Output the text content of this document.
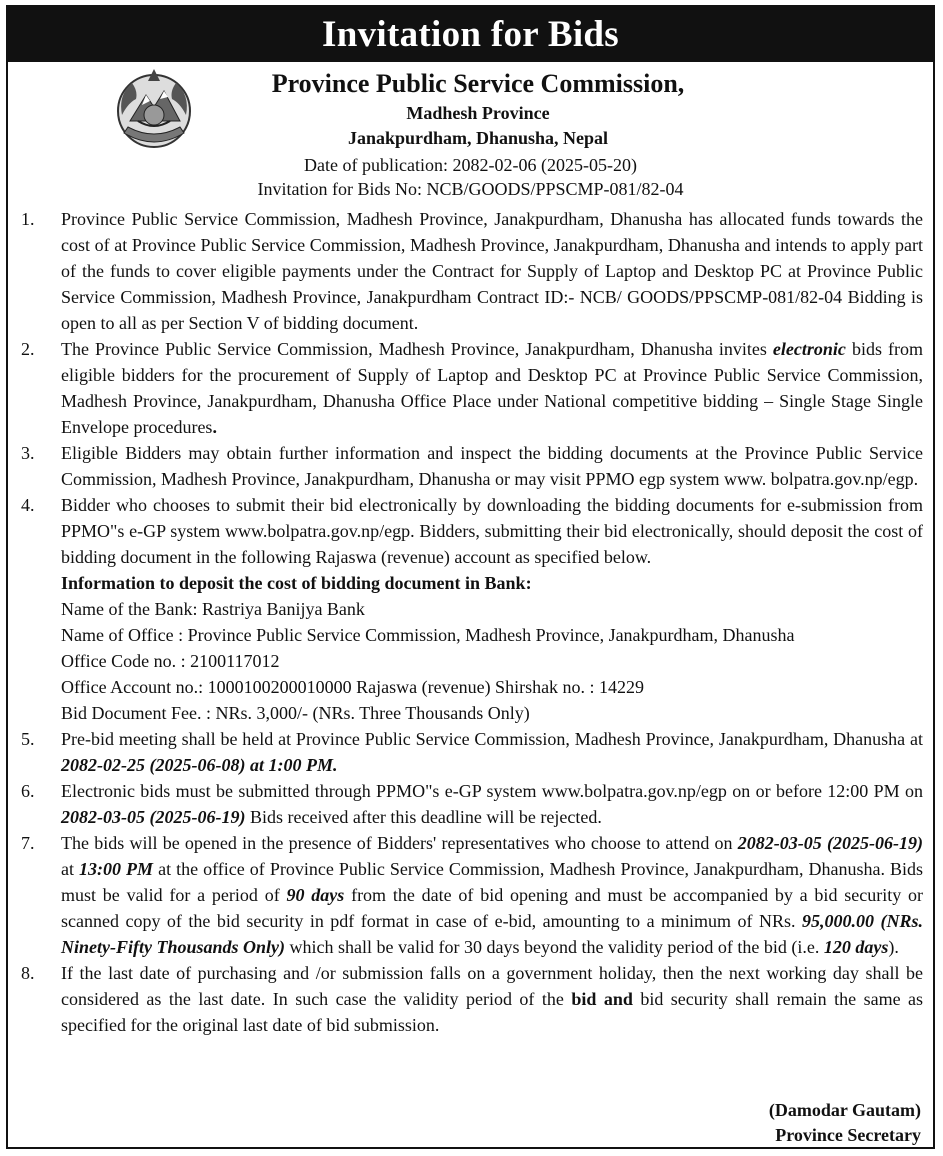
Invitation for Bids
Province Public Service Commission,
Madhesh Province
Janakpurdham, Dhanusha, Nepal
Date of publication: 2082-02-06 (2025-05-20)
Invitation for Bids No: NCB/GOODS/PPSCMP-081/82-04
1. Province Public Service Commission, Madhesh Province, Janakpurdham, Dhanusha has allocated funds towards the cost of at Province Public Service Commission, Madhesh Province, Janakpurdham, Dhanusha and intends to apply part of the funds to cover eligible payments under the Contract for Supply of Laptop and Desktop PC at Province Public Service Commission, Madhesh Province, Janakpurdham Contract ID:- NCB/ GOODS/PPSCMP-081/82-04 Bidding is open to all as per Section V of bidding document.
2. The Province Public Service Commission, Madhesh Province, Janakpurdham, Dhanusha invites electronic bids from eligible bidders for the procurement of Supply of Laptop and Desktop PC at Province Public Service Commission, Madhesh Province, Janakpurdham, Dhanusha Office Place under National competitive bidding – Single Stage Single Envelope procedures.
3. Eligible Bidders may obtain further information and inspect the bidding documents at the Province Public Service Commission, Madhesh Province, Janakpurdham, Dhanusha or may visit PPMO egp system www. bolpatra.gov.np/egp.
4. Bidder who chooses to submit their bid electronically by downloading the bidding documents for e-submission from PPMO"s e-GP system www.bolpatra.gov.np/egp. Bidders, submitting their bid electronically, should deposit the cost of bidding document in the following Rajaswa (revenue) account as specified below.
Information to deposit the cost of bidding document in Bank:
Name of the Bank: Rastriya Banijya Bank
Name of Office : Province Public Service Commission, Madhesh Province, Janakpurdham, Dhanusha
Office Code no. : 2100117012
Office Account no.: 1000100200010000 Rajaswa (revenue) Shirshak no. : 14229
Bid Document Fee. : NRs. 3,000/- (NRs. Three Thousands Only)
5. Pre-bid meeting shall be held at Province Public Service Commission, Madhesh Province, Janakpurdham, Dhanusha at 2082-02-25 (2025-06-08) at 1:00 PM.
6. Electronic bids must be submitted through PPMO"s e-GP system www.bolpatra.gov.np/egp on or before 12:00 PM on 2082-03-05 (2025-06-19) Bids received after this deadline will be rejected.
7. The bids will be opened in the presence of Bidders' representatives who choose to attend on 2082-03-05 (2025-06-19) at 13:00 PM at the office of Province Public Service Commission, Madhesh Province, Janakpurdham, Dhanusha. Bids must be valid for a period of 90 days from the date of bid opening and must be accompanied by a bid security or scanned copy of the bid security in pdf format in case of e-bid, amounting to a minimum of NRs. 95,000.00 (NRs. Ninety-Fifty Thousands Only) which shall be valid for 30 days beyond the validity period of the bid (i.e. 120 days).
8. If the last date of purchasing and /or submission falls on a government holiday, then the next working day shall be considered as the last date. In such case the validity period of the bid and bid security shall remain the same as specified for the original last date of bid submission.
(Damodar Gautam)
Province Secretary
